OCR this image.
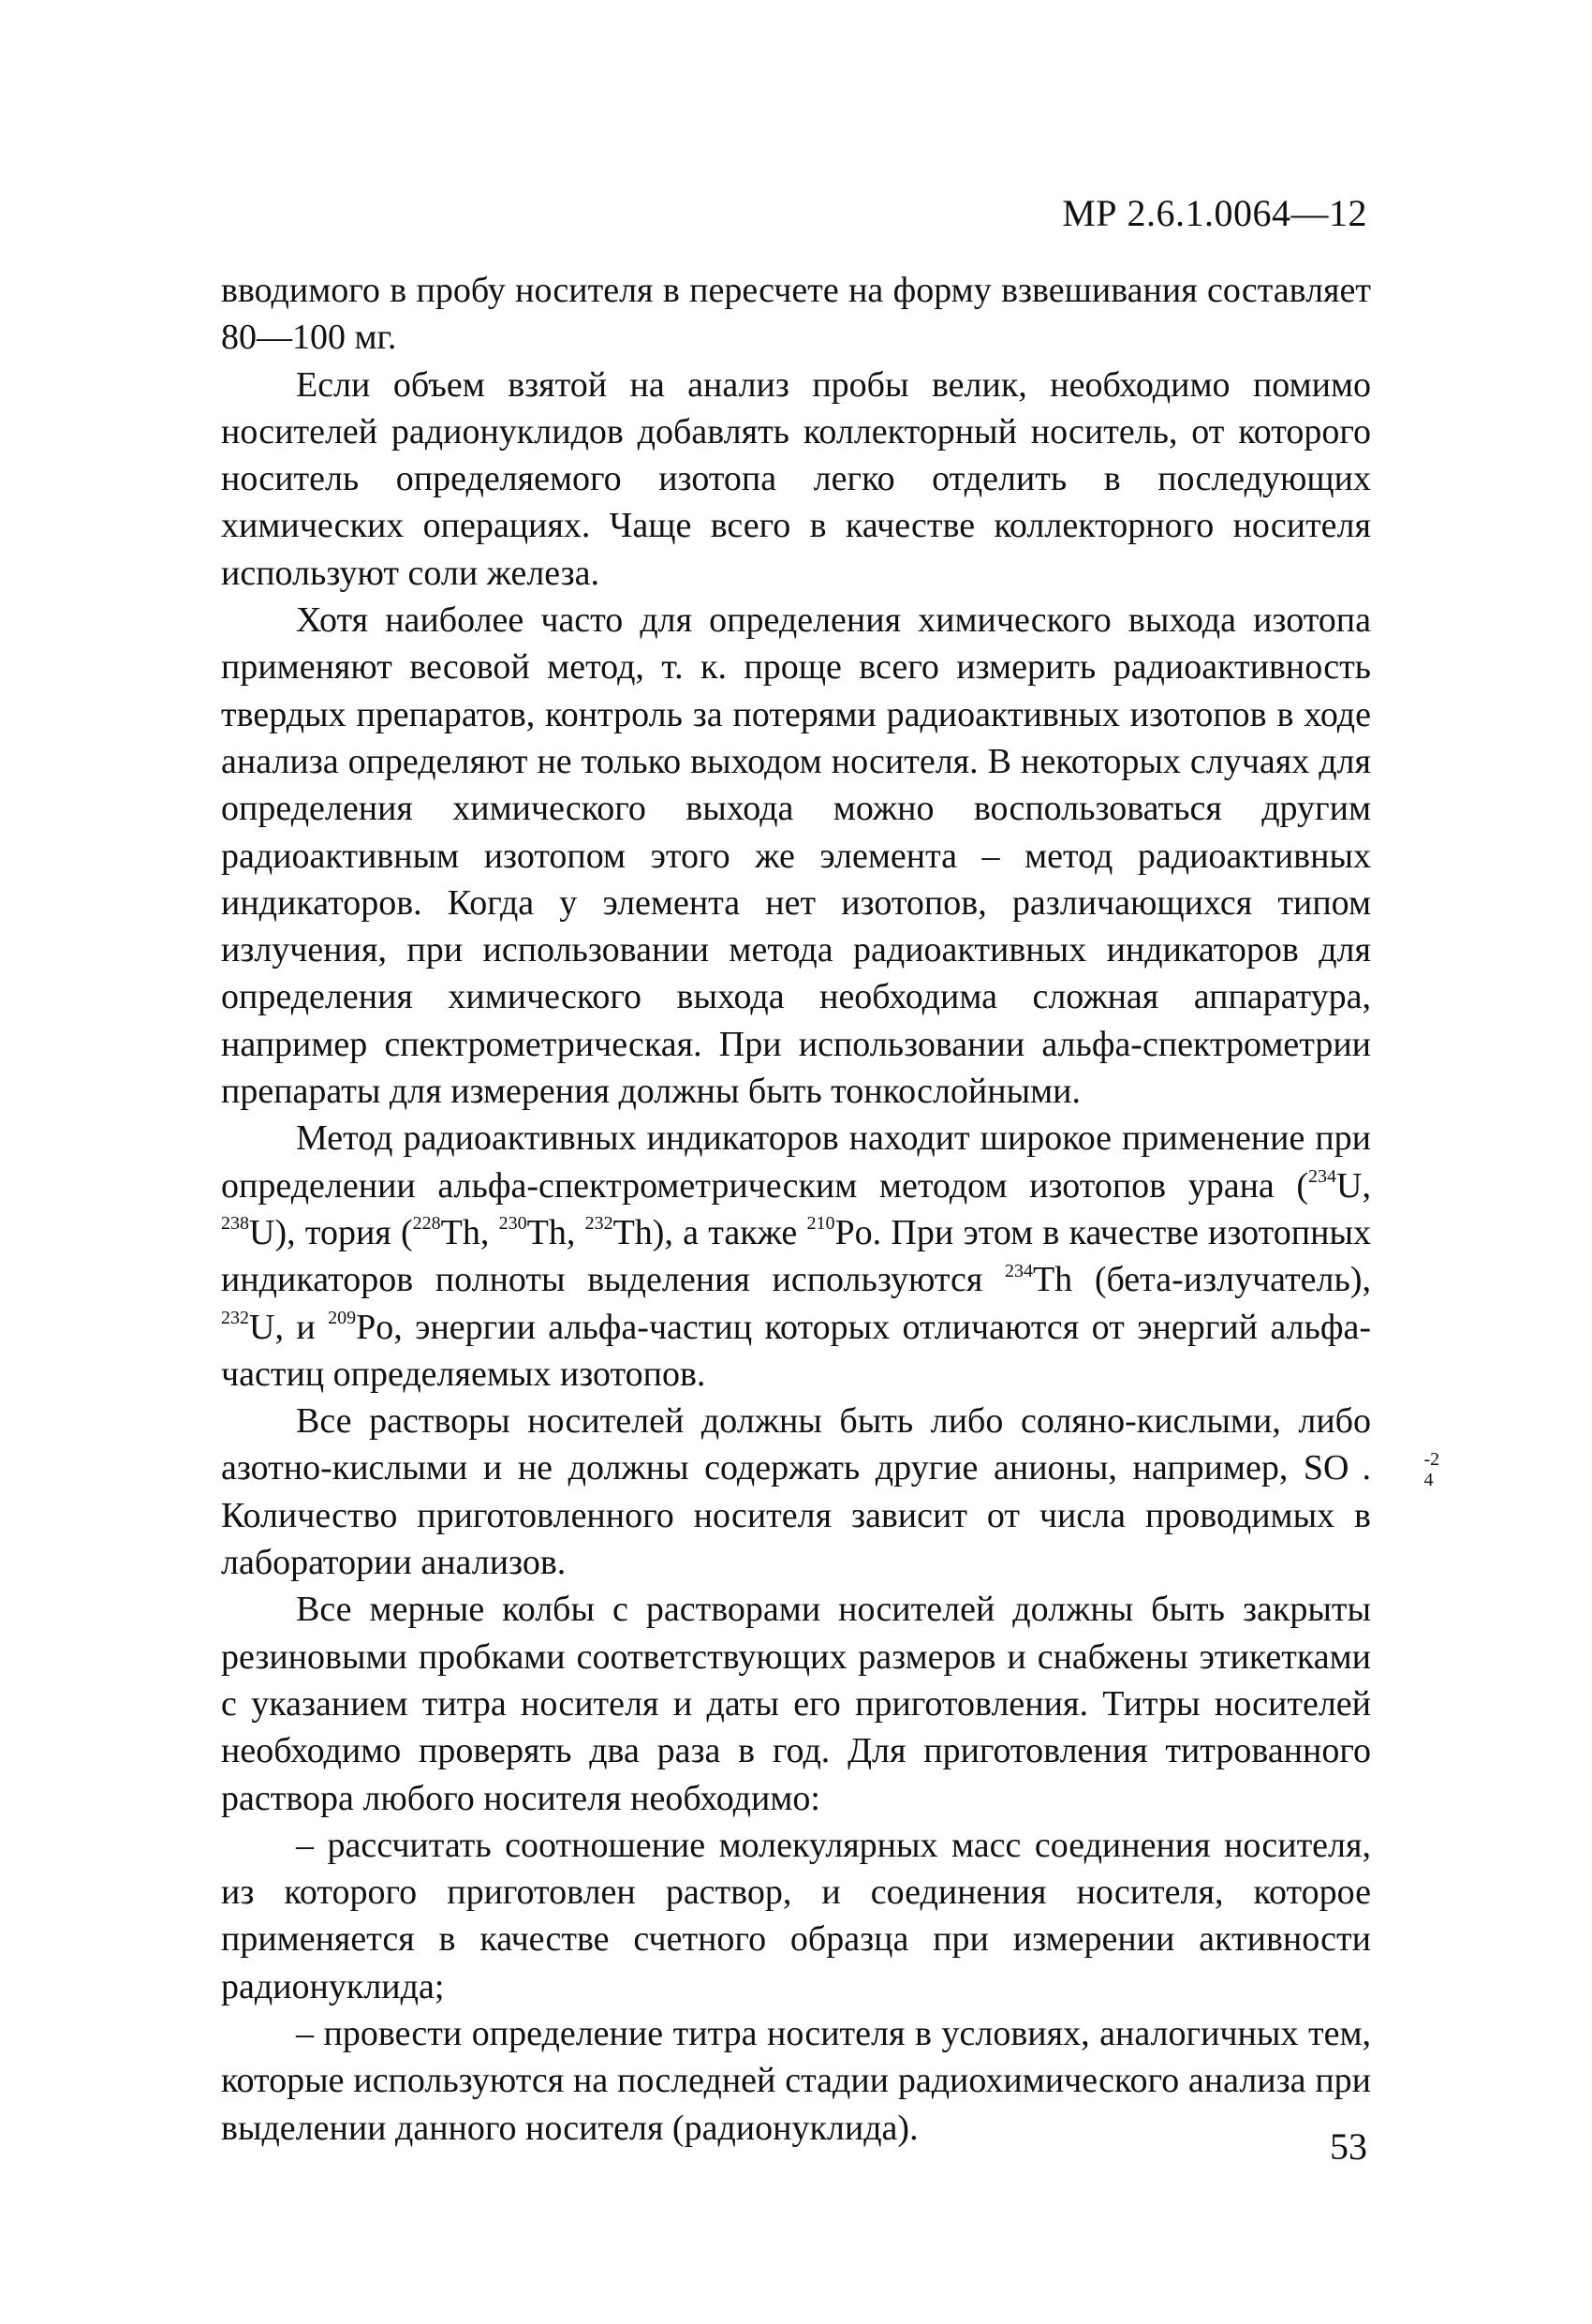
МР 2.6.1.0064—12

вводимого в пробу носителя в пересчете на форму взвешивания составляет 80—100 мг.

Если объем взятой на анализ пробы велик, необходимо помимо носителей радионуклидов добавлять коллекторный носитель, от которого носитель определяемого изотопа легко отделить в последующих химических операциях. Чаще всего в качестве коллекторного носителя используют соли железа.

Хотя наиболее часто для определения химического выхода изотопа применяют весовой метод, т. к. проще всего измерить радиоактивность твердых препаратов, контроль за потерями радиоактивных изотопов в ходе анализа определяют не только выходом носителя. В некоторых случаях для определения химического выхода можно воспользоваться другим радиоактивным изотопом этого же элемента – метод радиоактивных индикаторов. Когда у элемента нет изотопов, различающихся типом излучения, при использовании метода радиоактивных индикаторов для определения химического выхода необходима сложная аппаратура, например спектрометрическая. При использовании альфа-спектрометрии препараты для измерения должны быть тонкослойными.

Метод радиоактивных индикаторов находит широкое применение при определении альфа-спектрометрическим методом изотопов урана ($^{234}$U, $^{238}$U), тория ($^{228}$Th, $^{230}$Th, $^{232}$Th), а также $^{210}$Po. При этом в качестве изотопных индикаторов полноты выделения используются $^{234}$Th (бета-излучатель), $^{232}$U, и $^{209}$Po, энергии альфа-частиц которых отличаются от энергий альфа-частиц определяемых изотопов.

Все растворы носителей должны быть либо соляно-кислыми, либо азотно-кислыми и не должны содержать другие анионы, например, SO	-2
4
. Количество приготовленного носителя зависит от числа проводимых в лаборатории анализов.

Все мерные колбы с растворами носителей должны быть закрыты резиновыми пробками соответствующих размеров и снабжены этикетками с указанием титра носителя и даты его приготовления. Титры носителей необходимо проверять два раза в год. Для приготовления титрованного раствора любого носителя необходимо:

– рассчитать соотношение молекулярных масс соединения носителя, из которого приготовлен раствор, и соединения носителя, которое применяется в качестве счетного образца при измерении активности радионуклида;

– провести определение титра носителя в условиях, аналогичных тем, которые используются на последней стадии радиохимического анализа при выделении данного носителя (радионуклида).	53
